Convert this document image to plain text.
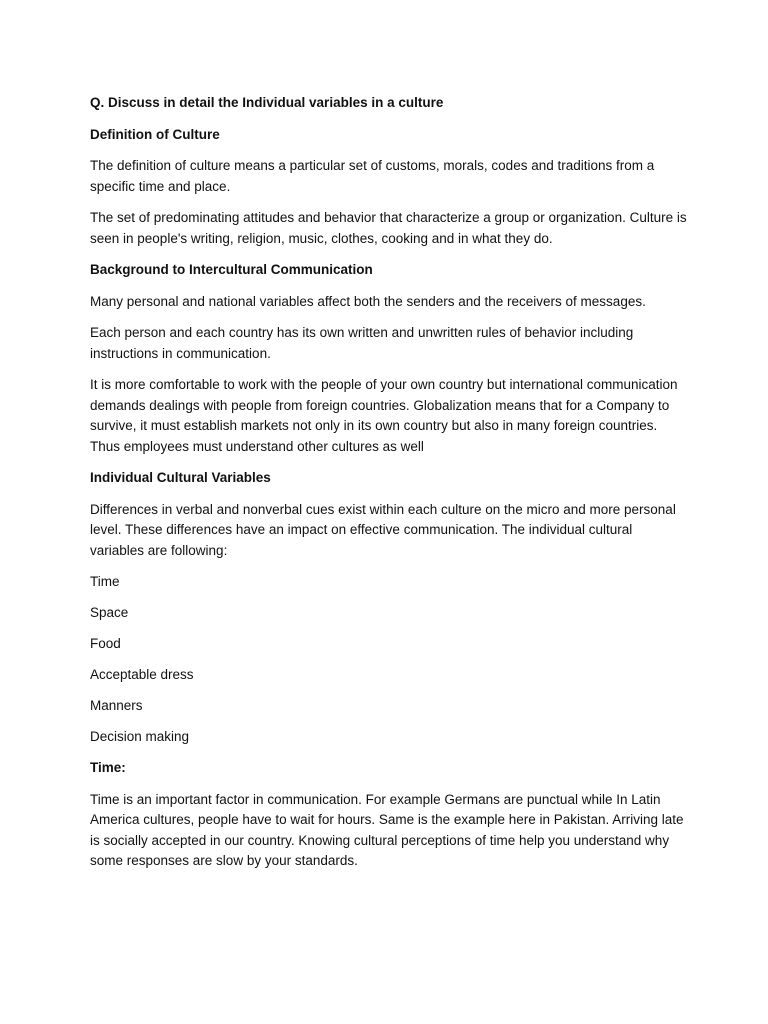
Q. Discuss in detail the Individual variables in a culture
Definition of Culture
The definition of culture means a particular set of customs, morals, codes and traditions from a specific time and place.
The set of predominating attitudes and behavior that characterize a group or organization. Culture is seen in people's writing, religion, music, clothes, cooking and in what they do.
Background to Intercultural Communication
Many personal and national variables affect both the senders and the receivers of messages.
Each person and each country has its own written and unwritten rules of behavior including instructions in communication.
It is more comfortable to work with the people of your own country but international communication demands dealings with people from foreign countries. Globalization means that for a Company to survive, it must establish markets not only in its own country but also in many foreign countries. Thus employees must understand other cultures as well
Individual Cultural Variables
Differences in verbal and nonverbal cues exist within each culture on the micro and more personal level. These differences have an impact on effective communication. The individual cultural variables are following:
Time
Space
Food
Acceptable dress
Manners
Decision making
Time:
Time is an important factor in communication. For example Germans are punctual while In Latin America cultures, people have to wait for hours. Same is the example here in Pakistan. Arriving late is socially accepted in our country. Knowing cultural perceptions of time help you understand why some responses are slow by your standards.
